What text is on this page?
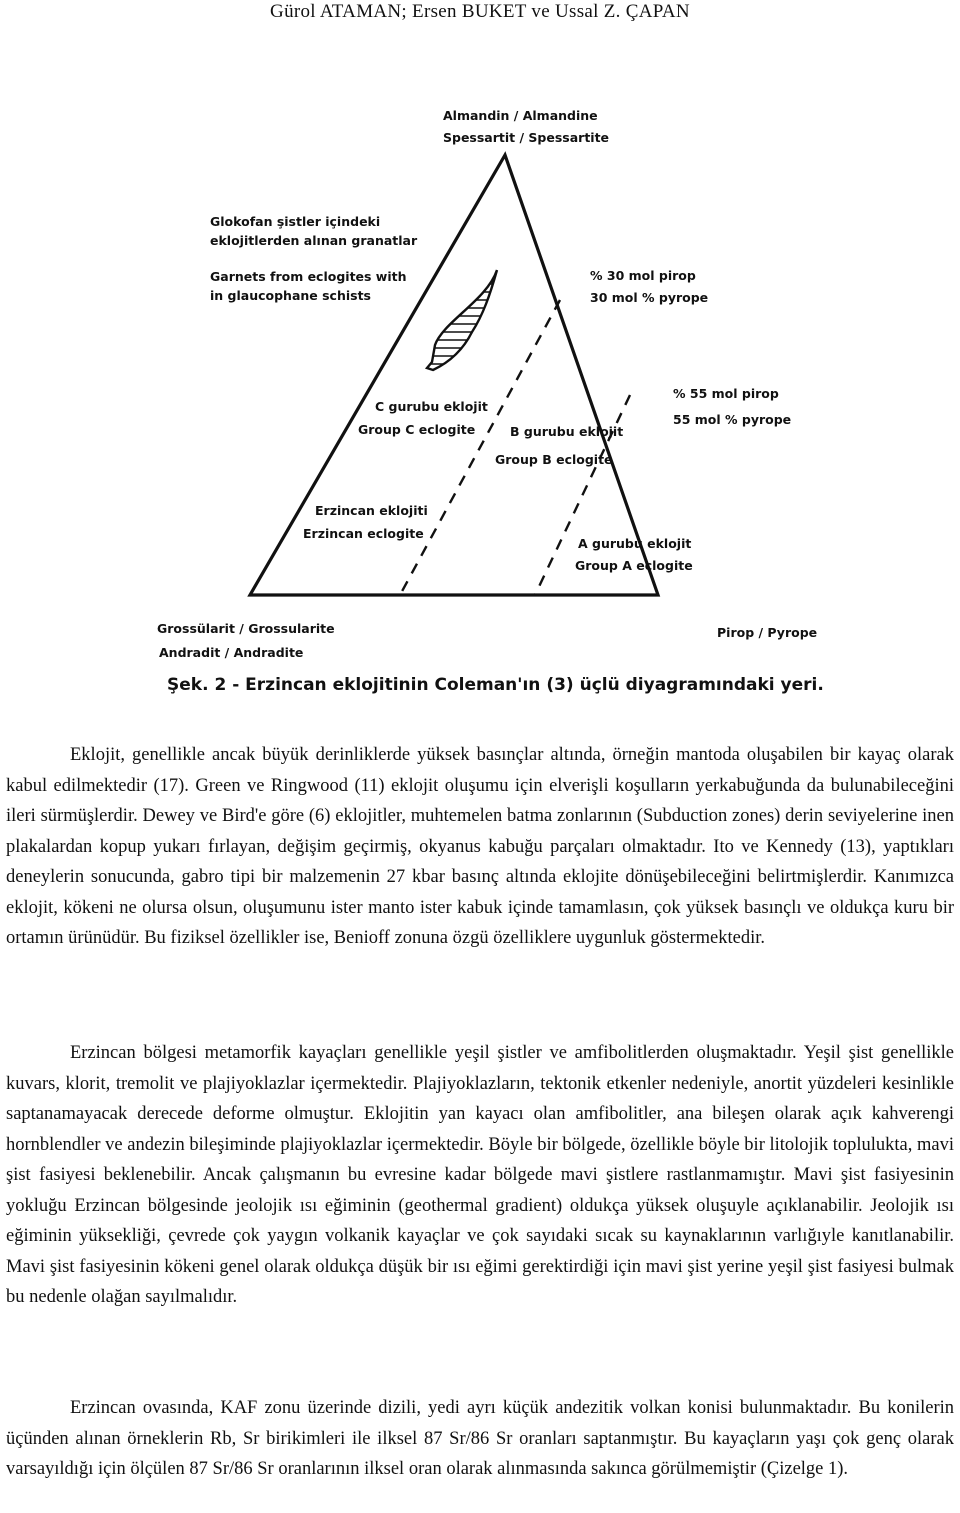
Gürol ATAMAN; Ersen BUKET ve Ussal Z. ÇAPAN
Almandin / Almandine
Spessartit / Spessartite
Glokofan şistler içindeki
eklojitlerden alınan granatlar
Garnets from eclogites with
in glaucophane schists
% 30 mol pirop
30 mol % pyrope
% 55 mol pirop
55 mol % pyrope
C gurubu eklojit
Group C eclogite	B gurubu eklojit
Group B eclogite
Erzincan eklojiti
Erzincan eclogite
A gurubu eklojit
Group A eclogite
Grossülarit / Grossularite
Andradit / Andradite
Pirop / Pyrope
Şek. 2 - Erzincan eklojitinin Coleman'ın (3) üçlü diyagramındaki yeri.

Eklojit, genellikle ancak büyük derinliklerde yüksek basınçlar altında, örneğin mantoda oluşabilen bir kayaç olarak kabul edilmektedir (17). Green ve Ringwood (11) eklojit oluşumu için elverişli koşulların yerkabuğunda da bulunabileceğini ileri sürmüşlerdir. Dewey ve Bird'e göre (6) eklojitler, muhtemelen batma zonlarının (Subduction zones) derin seviyelerine inen plakalardan kopup yukarı fırlayan, değişim geçirmiş, okyanus kabuğu parçaları olmaktadır. Ito ve Kennedy (13), yaptıkları deneylerin sonucunda, gabro tipi bir malzemenin 27 kbar basınç altında eklojite dönüşebileceğini belirtmişlerdir. Kanımızca eklojit, kökeni ne olursa olsun, oluşumunu ister manto ister kabuk içinde tamamlasın, çok yüksek basınçlı ve oldukça kuru bir ortamın ürünüdür. Bu fiziksel özellikler ise, Benioff zonuna özgü özelliklere uygunluk göstermektedir.

Erzincan bölgesi metamorfik kayaçları genellikle yeşil şistler ve amfibolitlerden oluşmaktadır. Yeşil şist genellikle kuvars, klorit, tremolit ve plajiyoklazlar içermektedir. Plajiyoklazların, tektonik etkenler nedeniyle, anortit yüzdeleri kesinlikle saptanamayacak derecede deforme olmuştur. Eklojitin yan kayacı olan amfibolitler, ana bileşen olarak açık kahverengi hornblendler ve andezin bileşiminde plajiyoklazlar içermektedir. Böyle bir bölgede, özellikle böyle bir litolojik toplulukta, mavi şist fasiyesi beklenebilir. Ancak çalışmanın bu evresine kadar bölgede mavi şistlere rastlanmamıştır. Mavi şist fasiyesinin yokluğu Erzincan bölgesinde jeolojik ısı eğiminin (geothermal gradient) oldukça yüksek oluşuyle açıklanabilir. Jeolojik ısı eğiminin yüksekliği, çevrede çok yaygın volkanik kayaçlar ve çok sayıdaki sıcak su kaynaklarının varlığıyle kanıtlanabilir. Mavi şist fasiyesinin kökeni genel olarak oldukça düşük bir ısı eğimi gerektirdiği için mavi şist yerine yeşil şist fasiyesi bulmak bu nedenle olağan sayılmalıdır.

Erzincan ovasında, KAF zonu üzerinde dizili, yedi ayrı küçük andezitik volkan konisi bulunmaktadır. Bu konilerin üçünden alınan örneklerin Rb, Sr birikimleri ile ilksel 87 Sr/86 Sr oranları saptanmıştır. Bu kayaçların yaşı çok genç olarak varsayıldığı için ölçülen 87 Sr/86 Sr oranlarının ilksel oran olarak alınmasında sakınca görülmemiştir (Çizelge 1).
